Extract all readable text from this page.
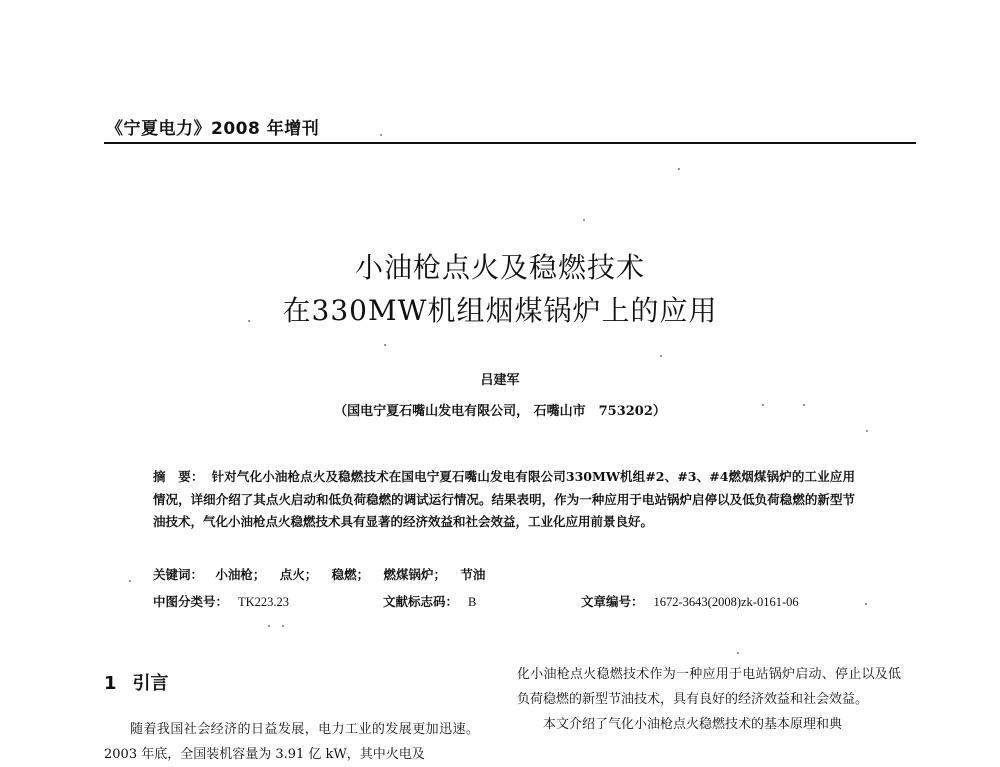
《宁夏电力》2008 年增刊
小油枪点火及稳燃技术
在330MW机组烟煤锅炉上的应用
吕建军
（国电宁夏石嘴山发电有限公司， 石嘴山市　753202）
摘　要： 针对气化小油枪点火及稳燃技术在国电宁夏石嘴山发电有限公司330MW机组#2、#3、#4燃烟煤锅炉的工业应用情况，详细介绍了其点火启动和低负荷稳燃的调试运行情况。结果表明，作为一种应用于电站锅炉启停以及低负荷稳燃的新型节油技术，气化小油枪点火稳燃技术具有显著的经济效益和社会效益，工业化应用前景良好。
关键词： 小油枪； 点火； 稳燃； 燃煤锅炉； 节油
中图分类号： TK223.23	文献标志码： B	文章编号： 1672-3643(2008)zk-0161-06
1 引言
随着我国社会经济的日益发展，电力工业的发展更加迅速。2003 年底，全国装机容量为 3.91 亿 kW，其中火电及
化小油枪点火稳燃技术作为一种应用于电站锅炉启动、停止以及低负荷稳燃的新型节油技术，具有良好的经济效益和社会效益。
本文介绍了气化小油枪点火稳燃技术的基本原理和典
